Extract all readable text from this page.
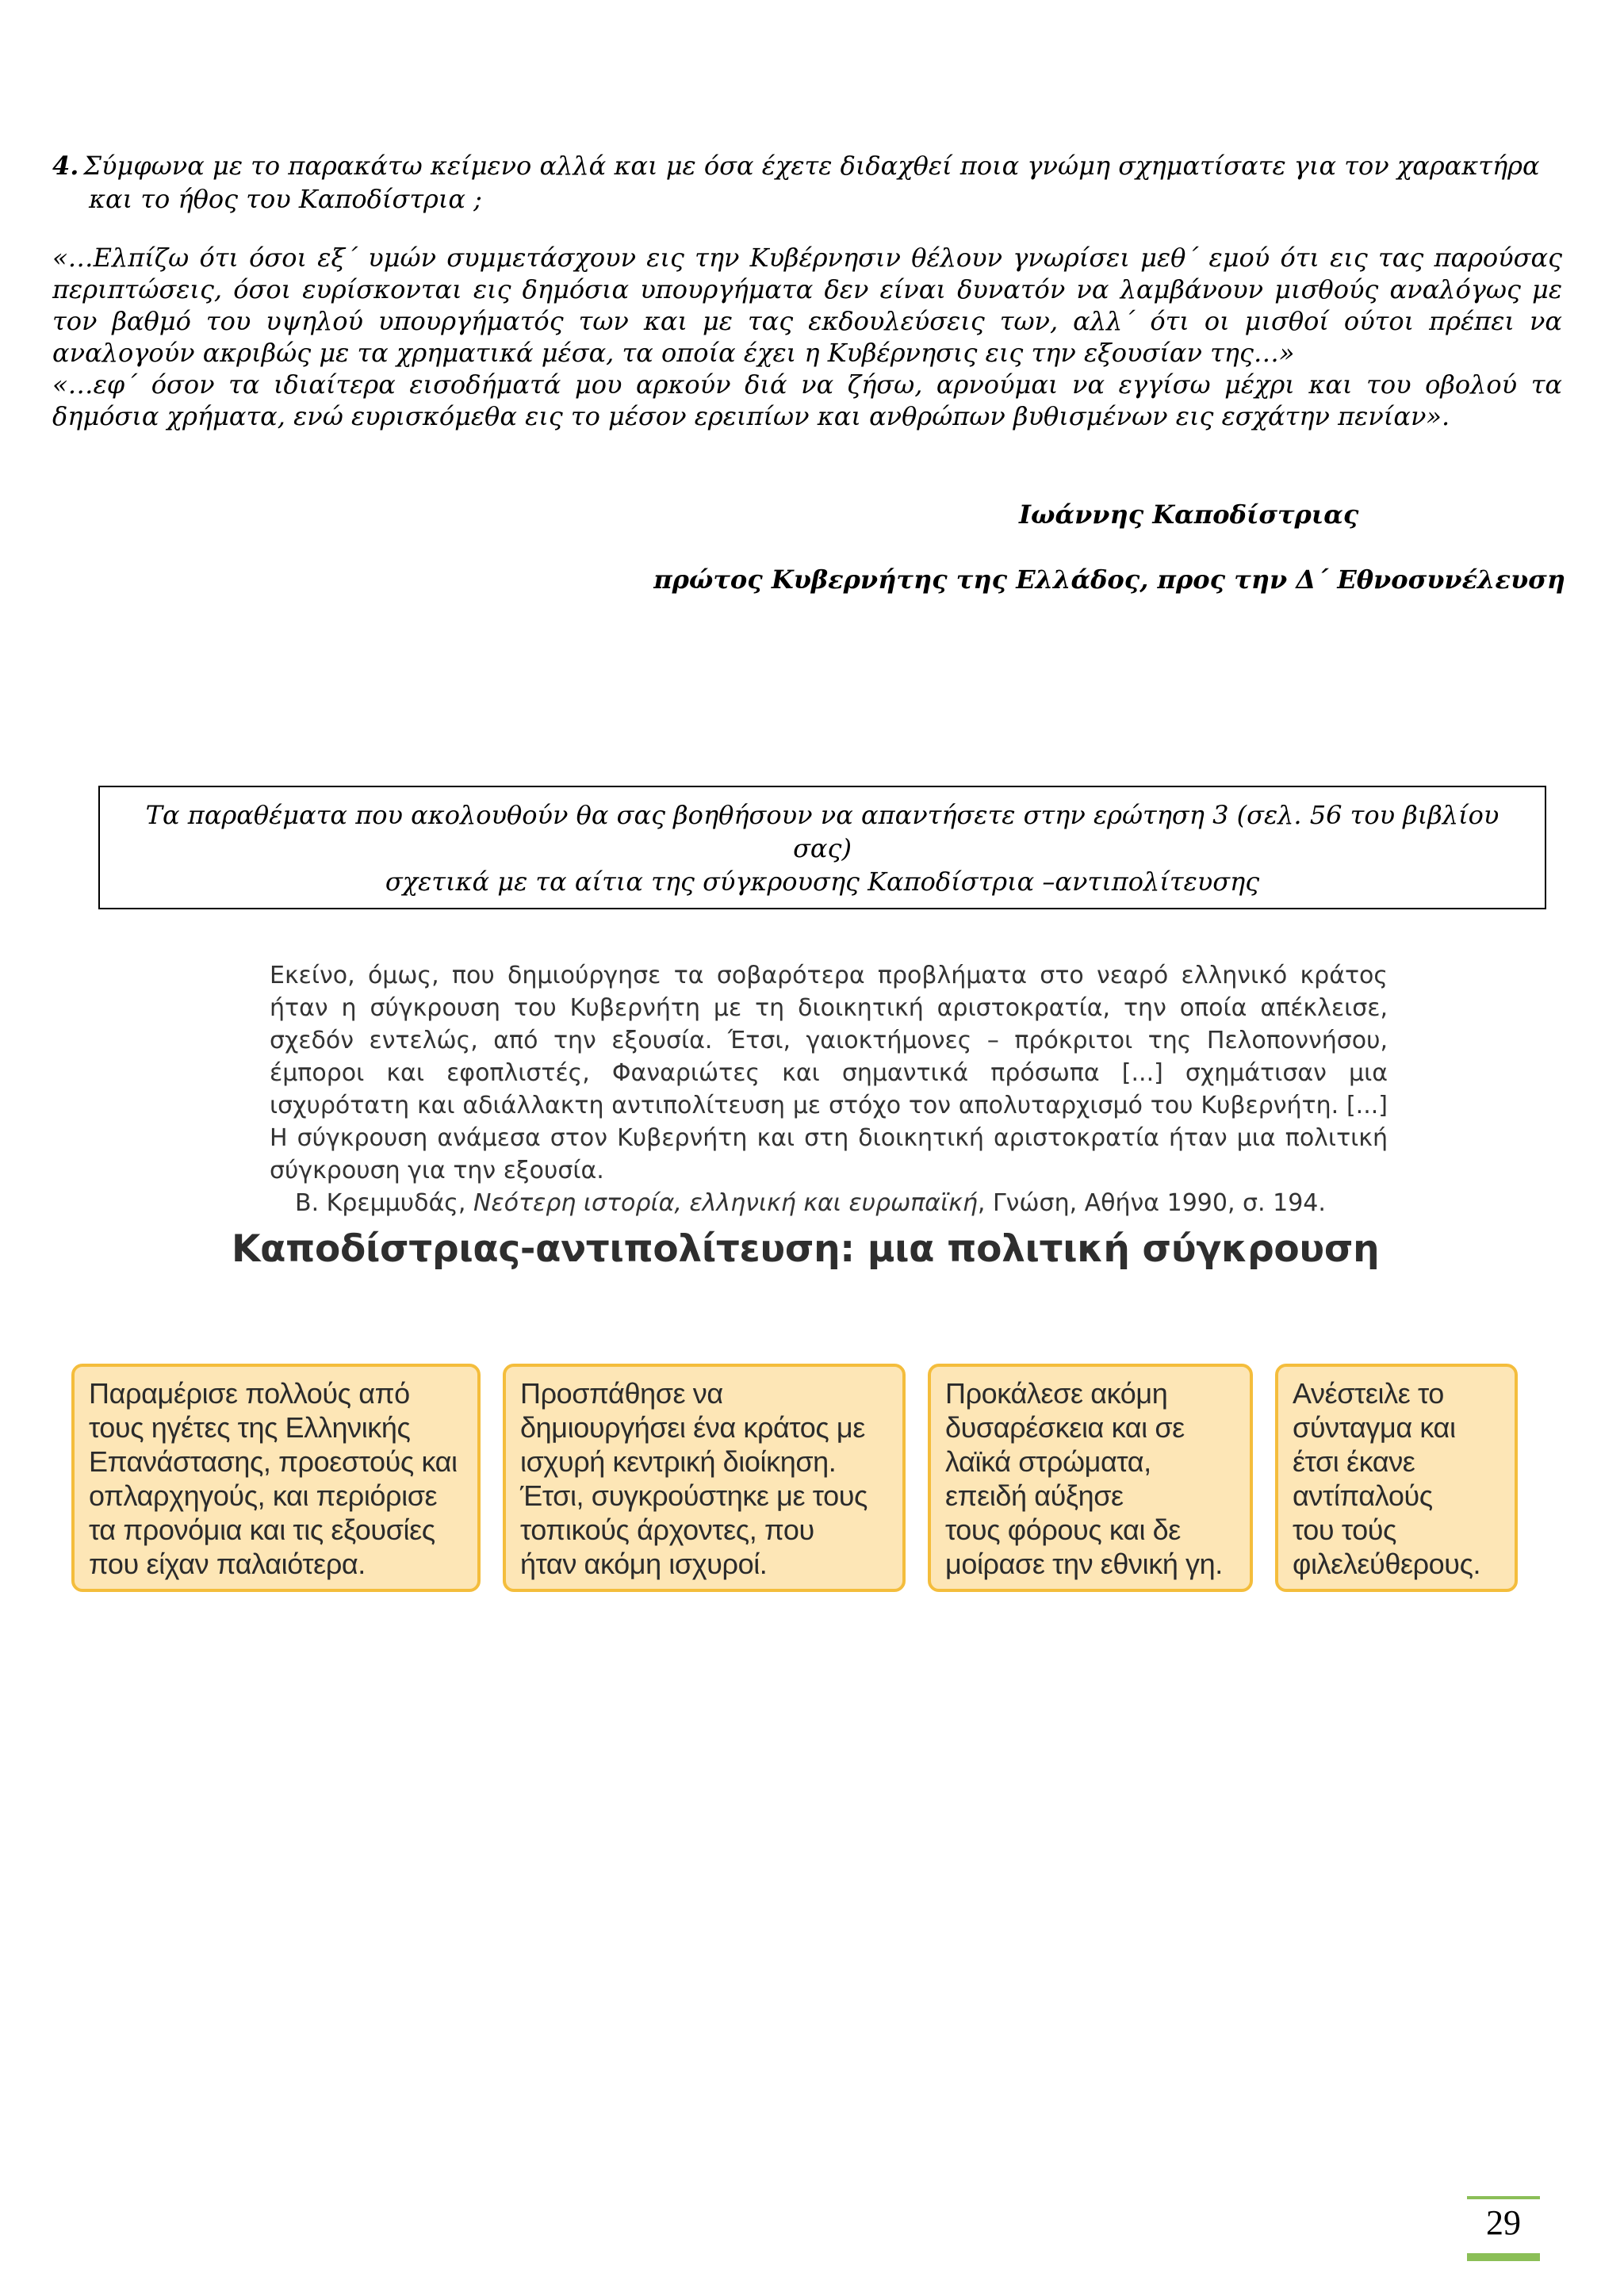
4. Σύμφωνα με το παρακάτω κείμενο αλλά και με όσα έχετε διδαχθεί ποια γνώμη σχηματίσατε για τον χαρακτήρα
και το ήθος του Καποδίστρια ;

«…Ελπίζω ότι όσοι εξ΄ υμών συμμετάσχουν εις την Κυβέρνησιν θέλουν γνωρίσει μεθ΄ εμού ότι εις τας παρούσας περιπτώσεις, όσοι ευρίσκονται εις δημόσια υπουργήματα δεν είναι δυνατόν να λαμβάνουν μισθούς αναλόγως με τον βαθμό του υψηλού υπουργήματός των και με τας εκδουλεύσεις των, αλλ΄ ότι οι μισθοί ούτοι πρέπει να αναλογούν ακριβώς με τα χρηματικά μέσα, τα οποία έχει η Κυβέρνησις εις την εξουσίαν της…»

«…εφ΄ όσον τα ιδιαίτερα εισοδήματά μου αρκούν διά να ζήσω, αρνούμαι να εγγίσω μέχρι και του οβολού τα δημόσια χρήματα, ενώ ευρισκόμεθα εις το μέσον ερειπίων και ανθρώπων βυθισμένων εις εσχάτην πενίαν».

Ιωάννης Καποδίστριας
πρώτος Κυβερνήτης της Ελλάδος, προς την Δ΄ Εθνοσυνέλευση
Τα παραθέματα που ακολουθούν θα σας βοηθήσουν να απαντήσετε στην ερώτηση 3 (σελ. 56 του βιβλίου σας)
σχετικά με τα αίτια της σύγκρουσης Καποδίστρια –αντιπολίτευσης

Εκείνο, όμως, που δημιούργησε τα σοβαρότερα προβλήματα στο νεαρό ελληνικό κράτος ήταν η σύγκρουση του Κυβερνήτη με τη διοικητική αριστοκρατία, την οποία απέκλεισε, σχεδόν εντελώς, από την εξουσία. Έτσι, γαιοκτήμονες – πρόκριτοι της Πελοποννήσου, έμποροι και εφοπλιστές, Φαναριώτες και σημαντικά πρόσωπα [...] σχημάτισαν μια ισχυρότατη και αδιάλλακτη αντιπολίτευση με στόχο τον απολυταρχισμό του Κυβερνήτη. [...] Η σύγκρουση ανάμεσα στον Κυβερνήτη και στη διοικητική αριστοκρατία ήταν μια πολιτική σύγκρουση για την εξουσία.

Β. Κρεμμυδάς, Νεότερη ιστορία, ελληνική και ευρωπαϊκή, Γνώση, Αθήνα 1990, σ. 194.

Καποδίστριας-αντιπολίτευση: μια πολιτική σύγκρουση
Παραμέρισε πολλούς από
τους ηγέτες της Ελληνικής
Επανάστασης, προεστούς και
οπλαρχηγούς, και περιόρισε
τα προνόμια και τις εξουσίες
που είχαν παλαιότερα.
Προσπάθησε να
δημιουργήσει ένα κράτος με
ισχυρή κεντρική διοίκηση.
Έτσι, συγκρούστηκε με τους
τοπικούς άρχοντες, που
ήταν ακόμη ισχυροί.
Προκάλεσε ακόμη
δυσαρέσκεια και σε
λαϊκά στρώματα,
επειδή αύξησε
τους φόρους και δε
μοίρασε την εθνική γη.
Ανέστειλε το
σύνταγμα και
έτσι έκανε
αντίπαλούς
του τούς
φιλελεύθερους.
29
